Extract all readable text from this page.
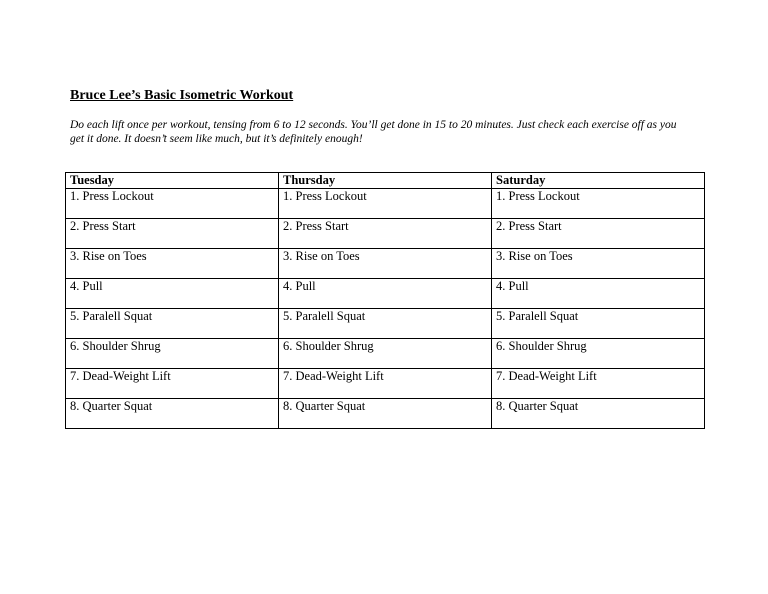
Bruce Lee’s Basic Isometric Workout
Do each lift once per workout, tensing from 6 to 12 seconds. You’ll get done in 15 to 20 minutes. Just check each exercise off as you
get it done. It doesn’t seem like much, but it’s definitely enough!
Tuesday	Thursday	Saturday
1. Press Lockout	1. Press Lockout	1. Press Lockout
2. Press Start	2. Press Start	2. Press Start
3. Rise on Toes	3. Rise on Toes	3. Rise on Toes
4. Pull	4. Pull	4. Pull
5. Paralell Squat	5. Paralell Squat	5. Paralell Squat
6. Shoulder Shrug	6. Shoulder Shrug	6. Shoulder Shrug
7. Dead-Weight Lift	7. Dead-Weight Lift	7. Dead-Weight Lift
8. Quarter Squat	8. Quarter Squat	8. Quarter Squat
